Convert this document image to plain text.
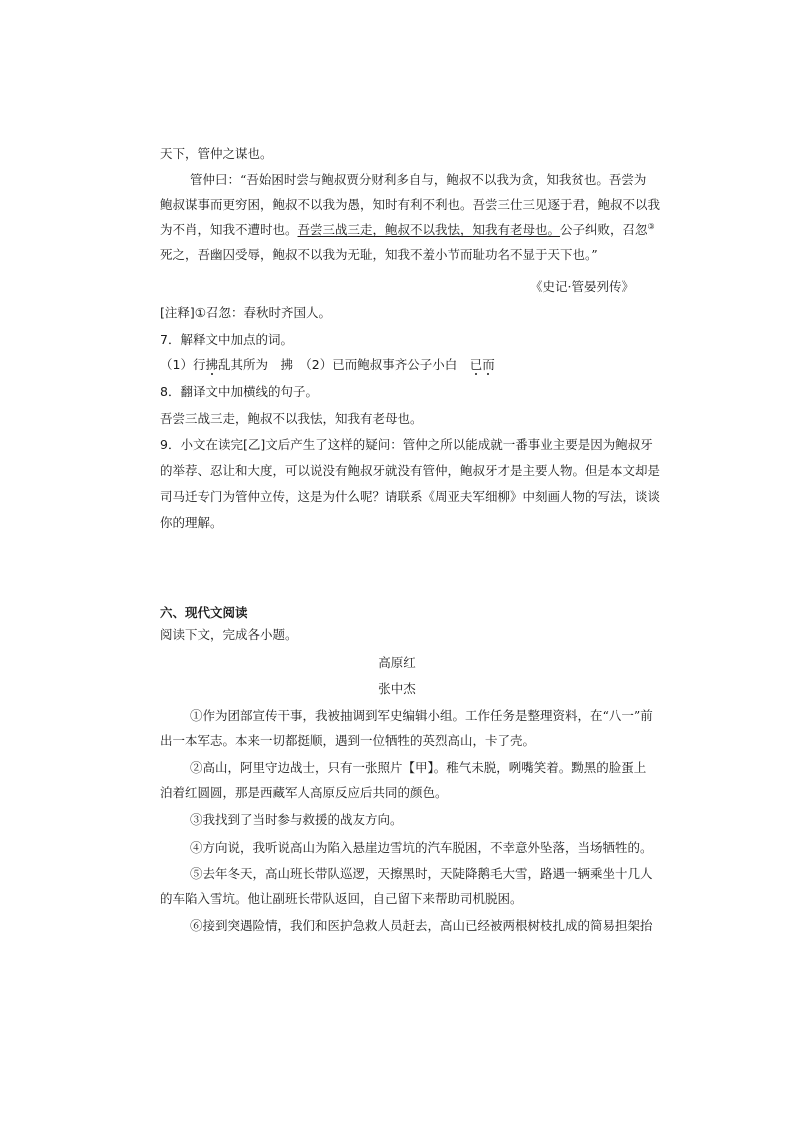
天下，管仲之谋也。
管仲曰：“吾始困时尝与鲍叔贾分财利多自与，鲍叔不以我为贪，知我贫也。吾尝为
鲍叔谋事而更穷困，鲍叔不以我为愚，知时有利不利也。吾尝三仕三见逐于君，鲍叔不以我
为不肖，知我不遭时也。吾尝三战三走，鲍叔不以我怯，知我有老母也。公子纠败，召忽③
死之，吾幽囚受辱，鲍叔不以我为无耻，知我不羞小节而耻功名不显于天下也。”
《史记·管晏列传》
[注释]①召忽：春秋时齐国人。
7．解释文中加点的词。
（1）行拂乱其所为　拂　（2）已而鲍叔事齐公子小白　已而
8．翻译文中加横线的句子。
吾尝三战三走，鲍叔不以我怯，知我有老母也。
9．小文在读完[乙]文后产生了这样的疑问：管仲之所以能成就一番事业主要是因为鲍叔牙
的举荐、忍让和大度，可以说没有鲍叔牙就没有管仲，鲍叔牙才是主要人物。但是本文却是
司马迁专门为管仲立传，这是为什么呢？请联系《周亚夫军细柳》中刻画人物的写法，谈谈
你的理解。
六、现代文阅读
阅读下文，完成各小题。
高原红
张中杰
①作为团部宣传干事，我被抽调到军史编辑小组。工作任务是整理资料，在“八一”前
出一本军志。本来一切都挺顺，遇到一位牺牲的英烈高山，卡了壳。
②高山，阿里守边战士，只有一张照片【甲】。稚气未脱，咧嘴笑着。黝黑的脸蛋上
泊着红圆圆，那是西藏军人高原反应后共同的颜色。
③我找到了当时参与救援的战友方向。
④方向说，我听说高山为陷入悬崖边雪坑的汽车脱困，不幸意外坠落，当场牺牲的。
⑤去年冬天，高山班长带队巡逻，天擦黑时，天陡降鹅毛大雪，路遇一辆乘坐十几人
的车陷入雪坑。他让副班长带队返回，自己留下来帮助司机脱困。
⑥接到突遇险情，我们和医护急救人员赶去，高山已经被两根树枝扎成的简易担架抬
